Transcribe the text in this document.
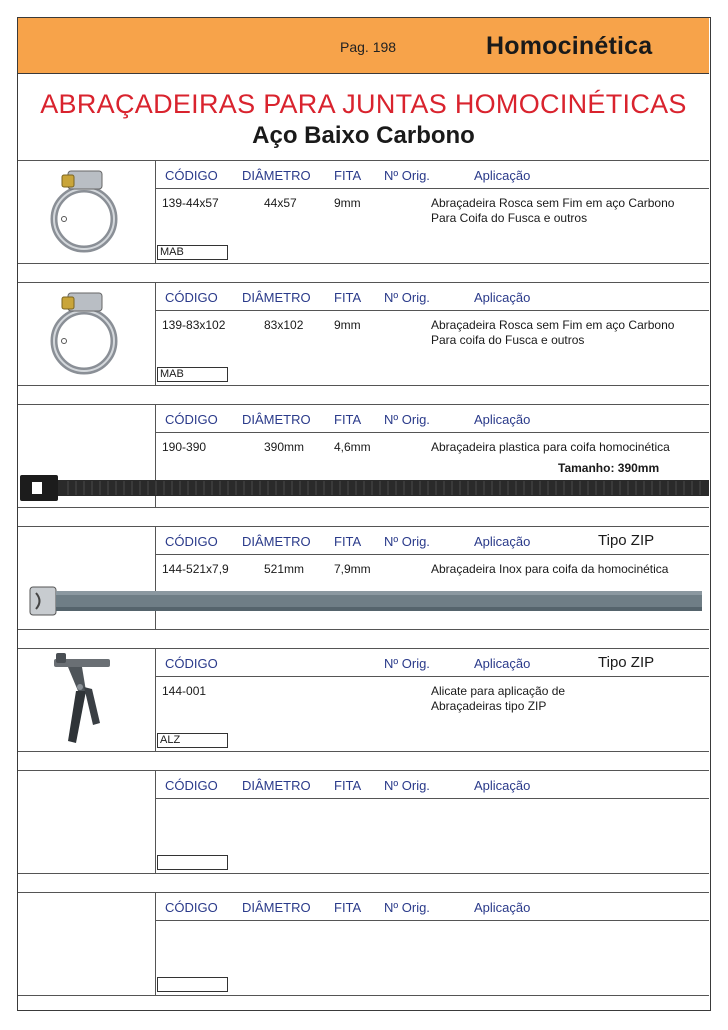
Pag. 198	Homocinética
ABRAÇADEIRAS PARA JUNTAS HOMOCINÉTICAS
Aço Baixo Carbono
CÓDIGO DIÂMETRO FITA Nº Orig.	Aplicação
139-44x57	44x57	9mm	Abraçadeira Rosca sem Fim em aço Carbono
Para Coifa do Fusca e outros
MAB
CÓDIGO DIÂMETRO FITA Nº Orig.	Aplicação
139-83x102	83x102	9mm	Abraçadeira Rosca sem Fim em aço Carbono
Para coifa do Fusca e outros
MAB
CÓDIGO DIÂMETRO FITA Nº Orig.	Aplicação
190-390	390mm 4,6mm	Abraçadeira plastica para coifa homocinética
Tamanho: 390mm
CÓDIGO DIÂMETRO FITA Nº Orig.	Aplicação	Tipo ZIP
144-521x7,9	521mm 7,9mm	Abraçadeira Inox para coifa da homocinética
CÓDIGO	Nº Orig.	Aplicação	Tipo ZIP
144-001	Alicate para aplicação de
Abraçadeiras tipo ZIP
ALZ
CÓDIGO DIÂMETRO FITA Nº Orig.	Aplicação
CÓDIGO DIÂMETRO FITA Nº Orig.	Aplicação
